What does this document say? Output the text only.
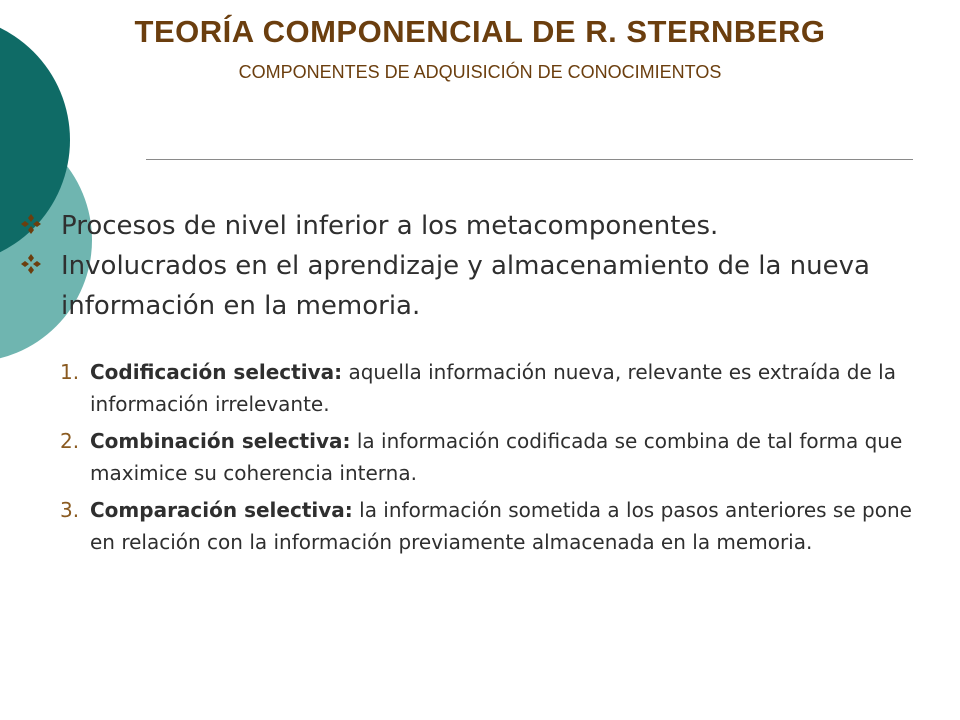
TEORÍA COMPONENCIAL DE R. STERNBERG
COMPONENTES DE ADQUISICIÓN DE CONOCIMIENTOS
Procesos de nivel inferior a los metacomponentes.
Involucrados en el aprendizaje y almacenamiento de la nueva información en la memoria.
1. Codificación selectiva: aquella información nueva, relevante es extraída de la información irrelevante.
2. Combinación selectiva: la información codificada se combina de tal forma que maximice su coherencia interna.
3. Comparación selectiva: la información sometida a los pasos anteriores se pone en relación con la información previamente almacenada en la memoria.
